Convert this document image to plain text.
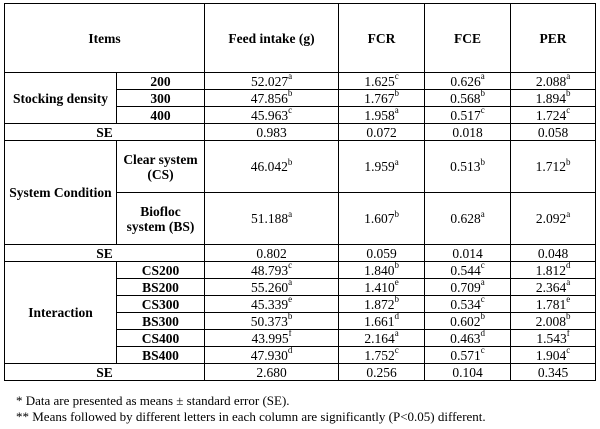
Items		Feed intake (g)	FCR	FCE	PER
Stocking density	200	52.027$^a$	1.625$^c$	0.626$^a$	2.088$^a$
	300	47.856$^b$	1.767$^b$	0.568$^b$	1.894$^b$
	400	45.963$^c$	1.958$^a$	0.517$^c$	1.724$^c$
SE		0.983	0.072	0.018	0.058
System Condition	Clear system (CS)	46.042$^b$	1.959$^a$	0.513$^b$	1.712$^b$
	Biofloc system (BS)	51.188$^a$	1.607$^b$	0.628$^a$	2.092$^a$
SE		0.802	0.059	0.014	0.048
Interaction	CS200	48.793$^c$	1.840$^b$	0.544$^c$	1.812$^d$
	BS200	55.260$^a$	1.410e	0.709$^a$	2.364$^a$
	CS300	45.339e	1.872$^b$	0.534$^c$	1.781e
	BS300	50.373$^b$	1.661$^d$	0.602$^b$	2.008$^b$
	CS400	43.995$^f$	2.164$^a$	0.463$^d$	1.543$^f$
	BS400	47.930$^d$	1.752$^c$	0.571$^c$	1.904$^c$
SE		2.680	0.256	0.104	0.345
* Data are presented as means ± standard error (SE).
** Means followed by different letters in each column are significantly (P<0.05) different.
